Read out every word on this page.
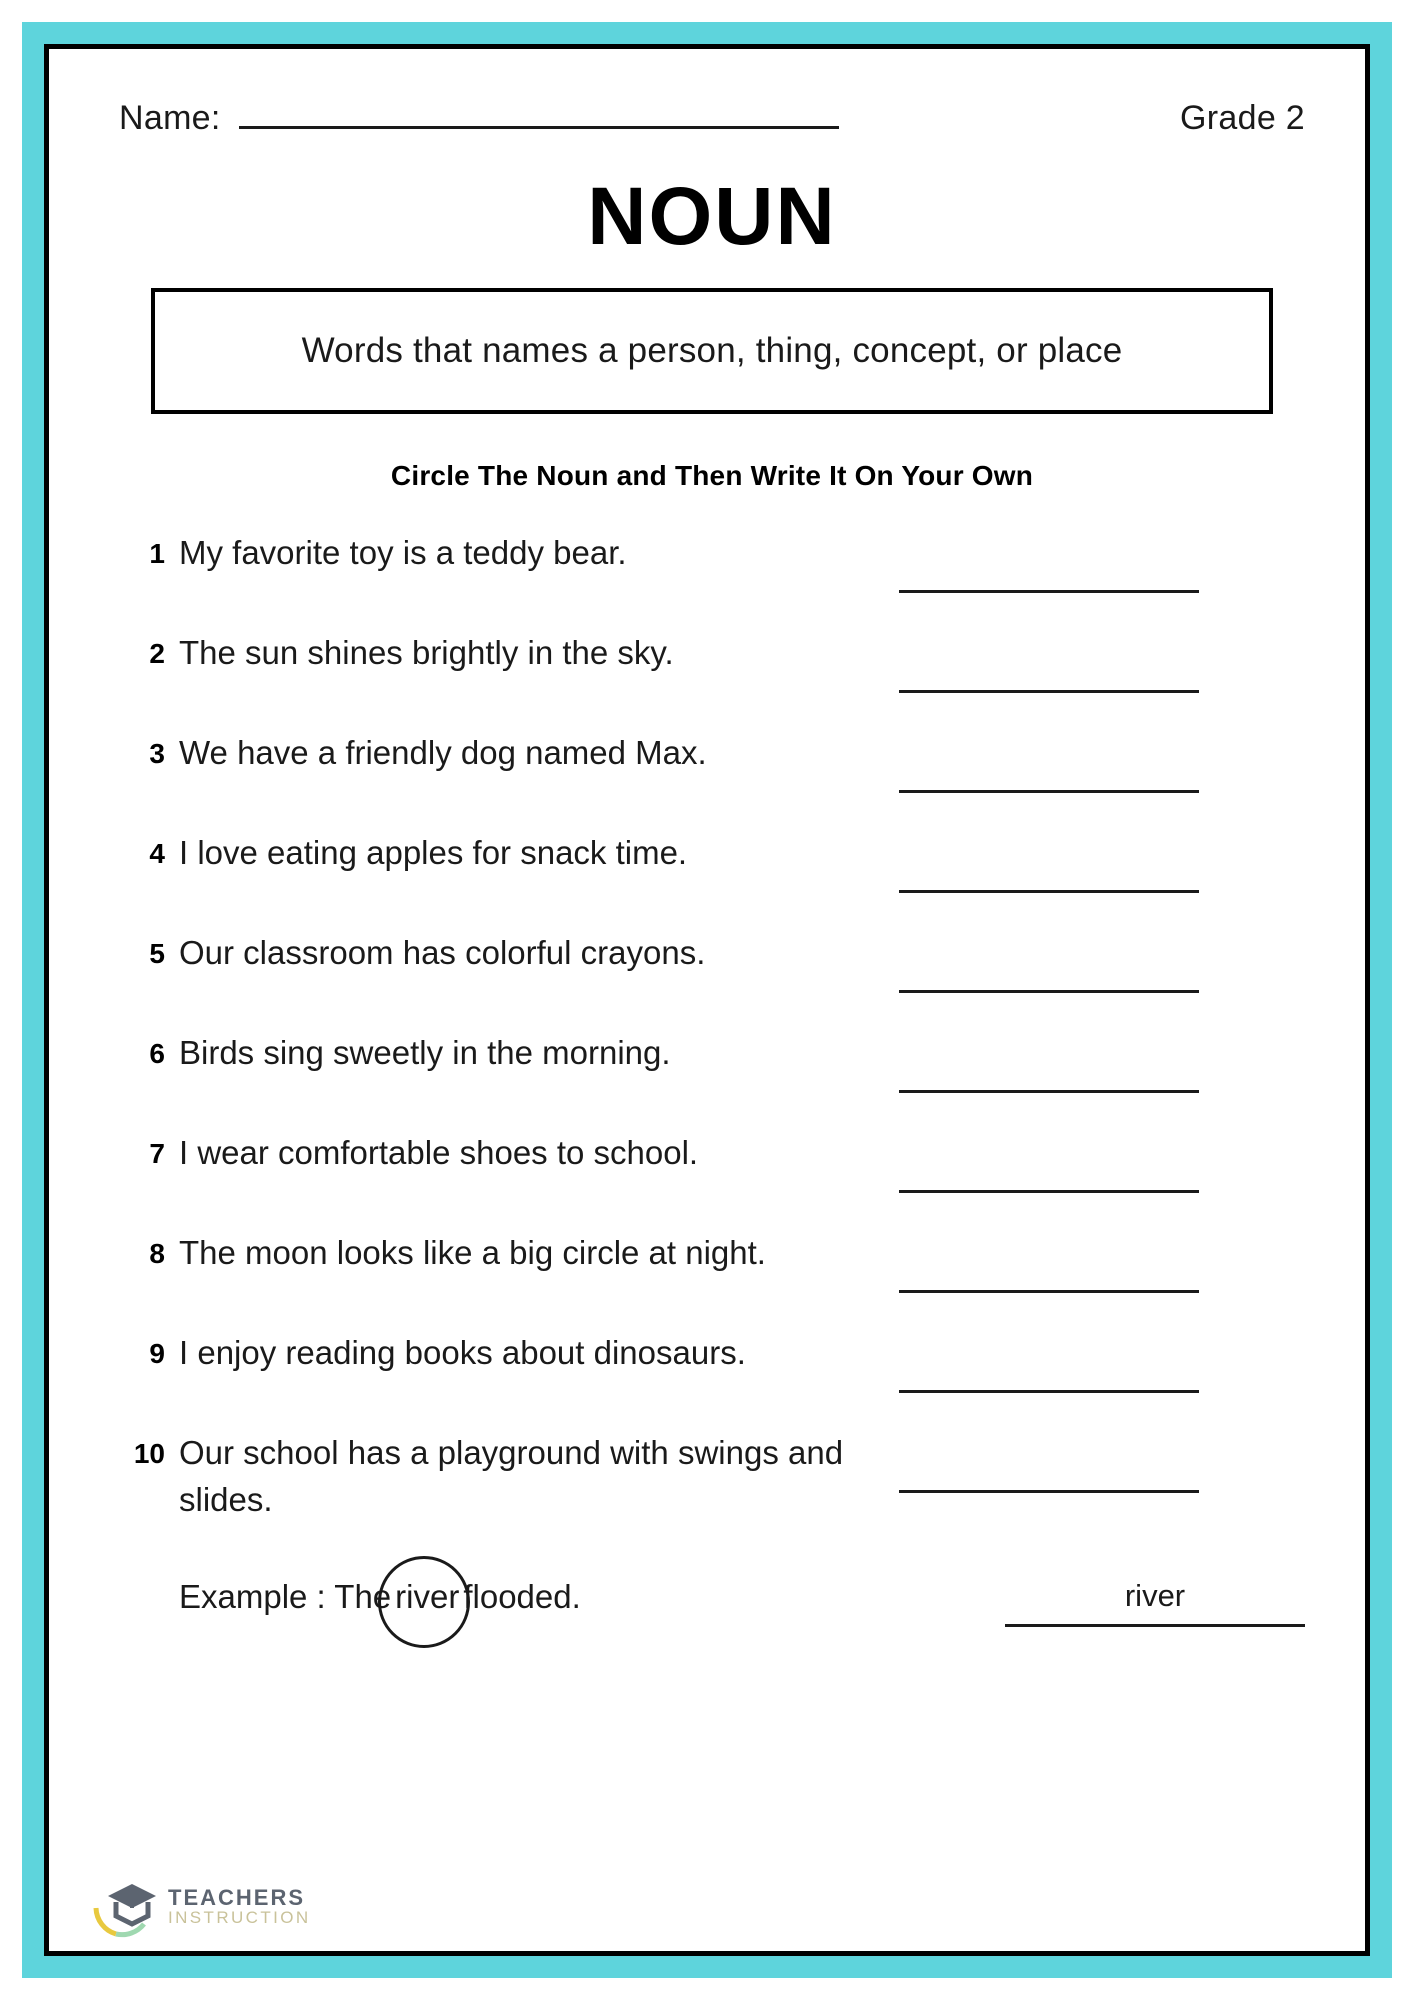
Name:	Grade 2
NOUN
Words that names a person, thing, concept, or place
Circle The Noun and Then Write It On Your Own
1 My favorite toy is a teddy bear.
2 The sun shines brightly in the sky.
3 We have a friendly dog named Max.
4 I love eating apples for snack time.
5 Our classroom has colorful crayons.
6 Birds sing sweetly in the morning.
7 I wear comfortable shoes to school.
8 The moon looks like a big circle at night.
9 I enjoy reading books about dinosaurs.
10 Our school has a playground with swings and slides.
Example : The river flooded.	river
TEACHERS
INSTRUCTION
